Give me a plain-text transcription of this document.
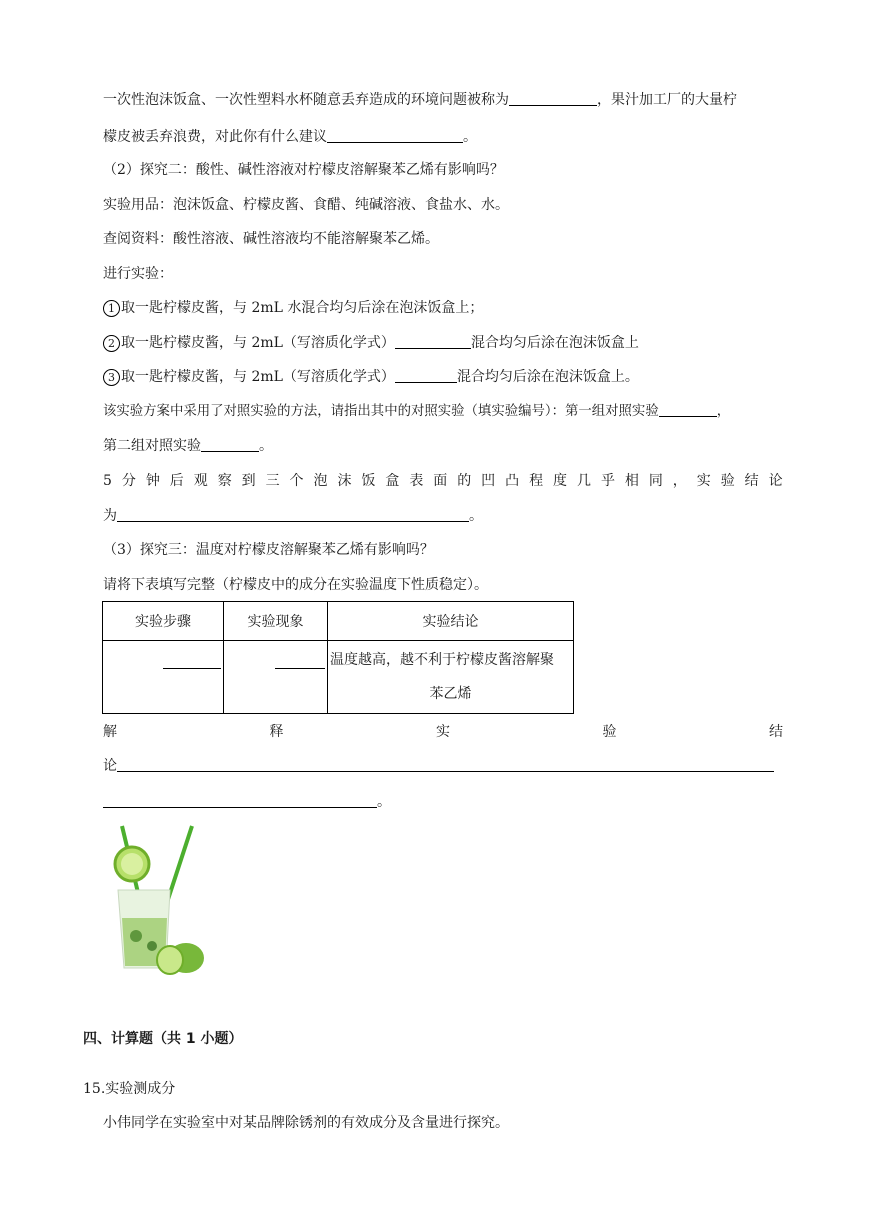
一次性泡沫饭盒、一次性塑料水杯随意丢弃造成的环境问题被称为	，果汁加工厂的大量柠
檬皮被丢弃浪费，对此你有什么建议	。
（2）探究二：酸性、碱性溶液对柠檬皮溶解聚苯乙烯有影响吗？
实验用品：泡沫饭盒、柠檬皮酱、食醋、纯碱溶液、食盐水、水。
查阅资料：酸性溶液、碱性溶液均不能溶解聚苯乙烯。
进行实验：
1 取一匙柠檬皮酱，与 2mL 水混合均匀后涂在泡沫饭盒上；
2 取一匙柠檬皮酱，与 2mL（写溶质化学式）	混合均匀后涂在泡沫饭盒上
3 取一匙柠檬皮酱，与 2mL（写溶质化学式）	混合均匀后涂在泡沫饭盒上。
该实验方案中采用了对照实验的方法，请指出其中的对照实验（填实验编号）：第一组对照实验	，
第二组对照实验	。
5 分 钟 后 观 察 到 三 个 泡 沫 饭 盒 表 面 的 凹 凸 程 度 几 乎 相 同 ， 实 验 结 论
为	。
（3）探究三：温度对柠檬皮溶解聚苯乙烯有影响吗？
请将下表填写完整（柠檬皮中的成分在实验温度下性质稳定）。
实验步骤	实验现象	实验结论

		温度越高，越不利于柠檬皮酱溶解聚
苯乙烯
解	释	实	验	结
论
。
四、计算题（共 1 小题）
15.实验测成分
小伟同学在实验室中对某品牌除锈剂的有效成分及含量进行探究。
